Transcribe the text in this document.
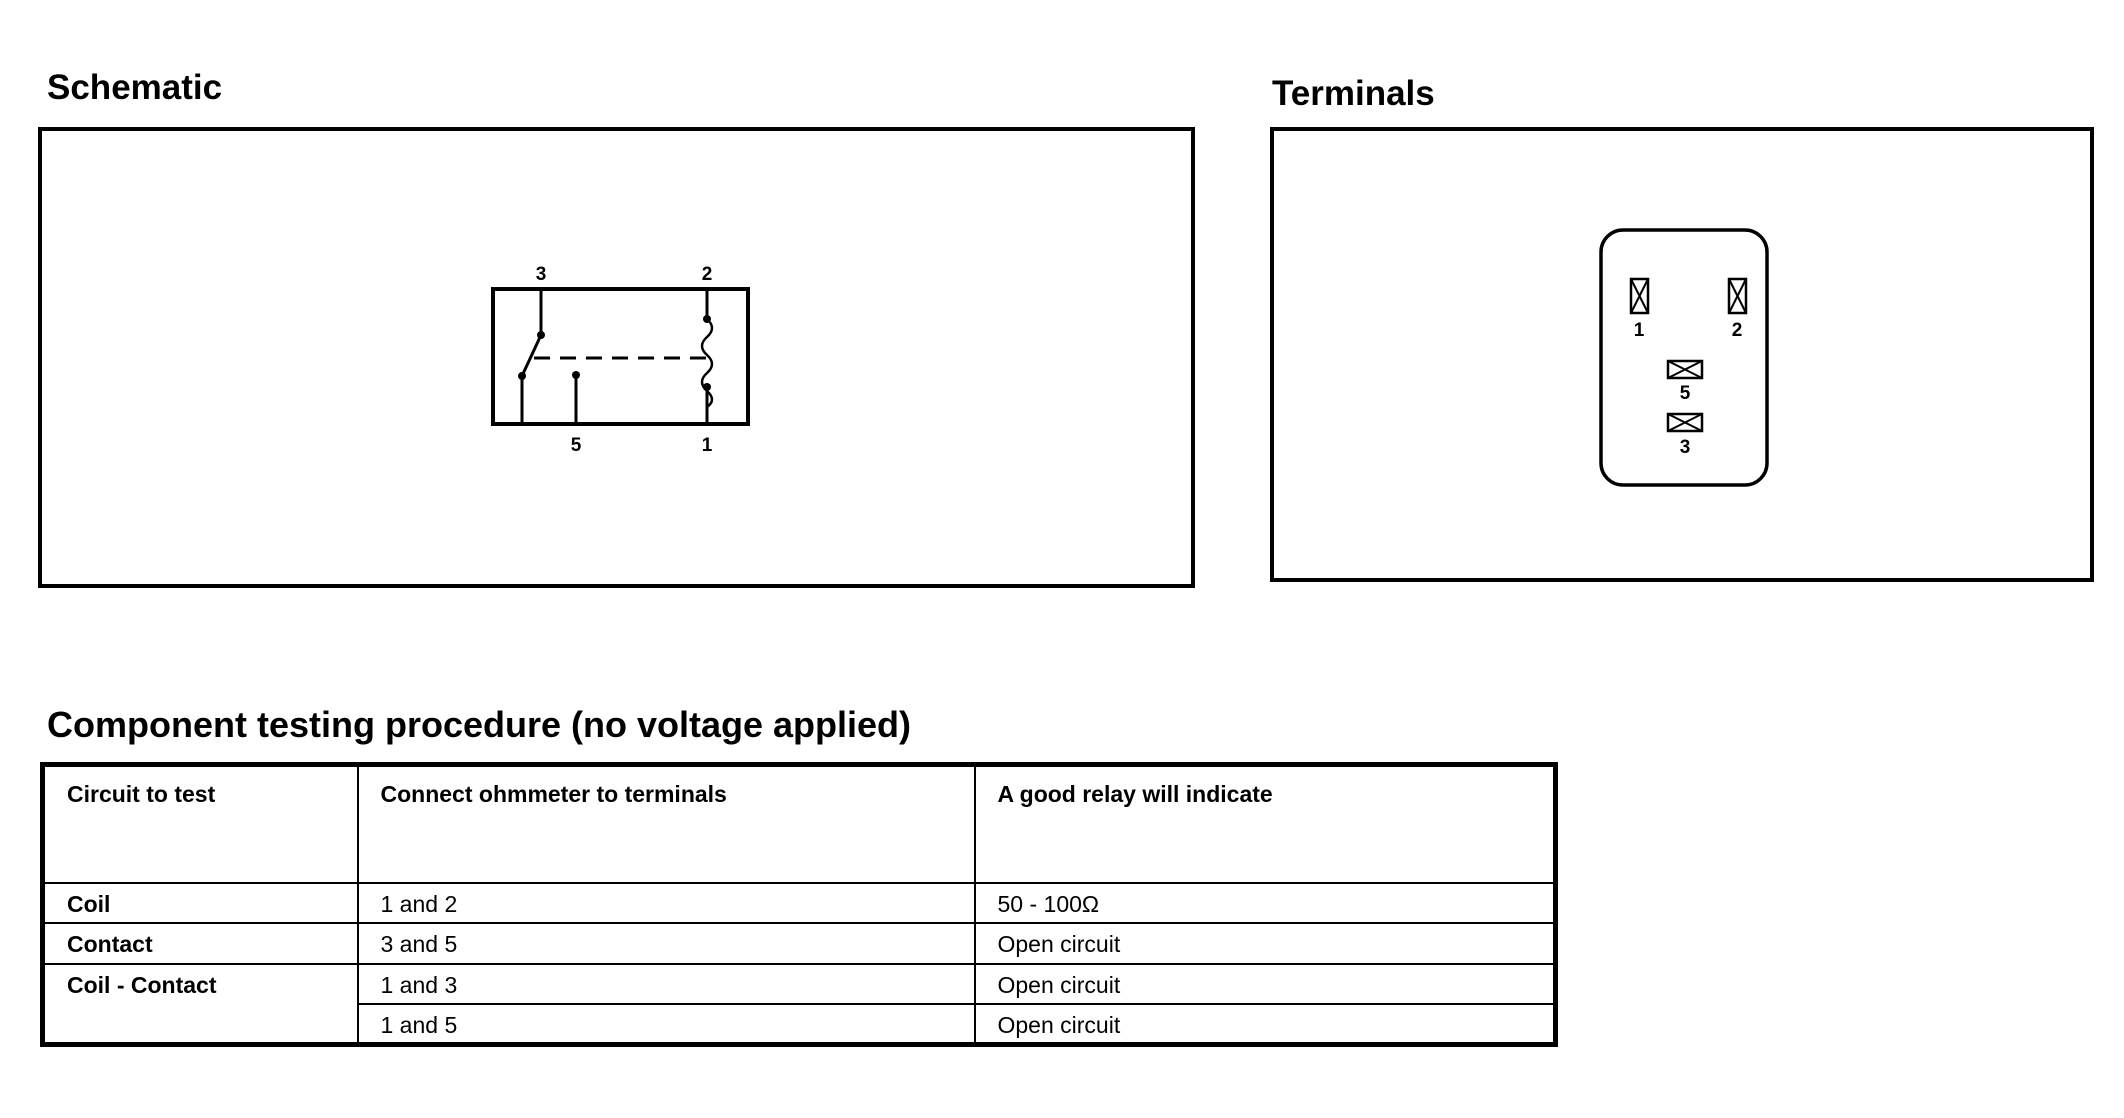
Schematic	Terminals
3	2
5	1
1	2
5
3
Component testing procedure (no voltage applied)
Circuit to test	Connect ohmmeter to terminals	A good relay will indicate
Coil	1 and 2	50 - 100Ω
Contact	3 and 5	Open circuit
Coil - Contact	1 and 3	Open circuit
	1 and 5	Open circuit
